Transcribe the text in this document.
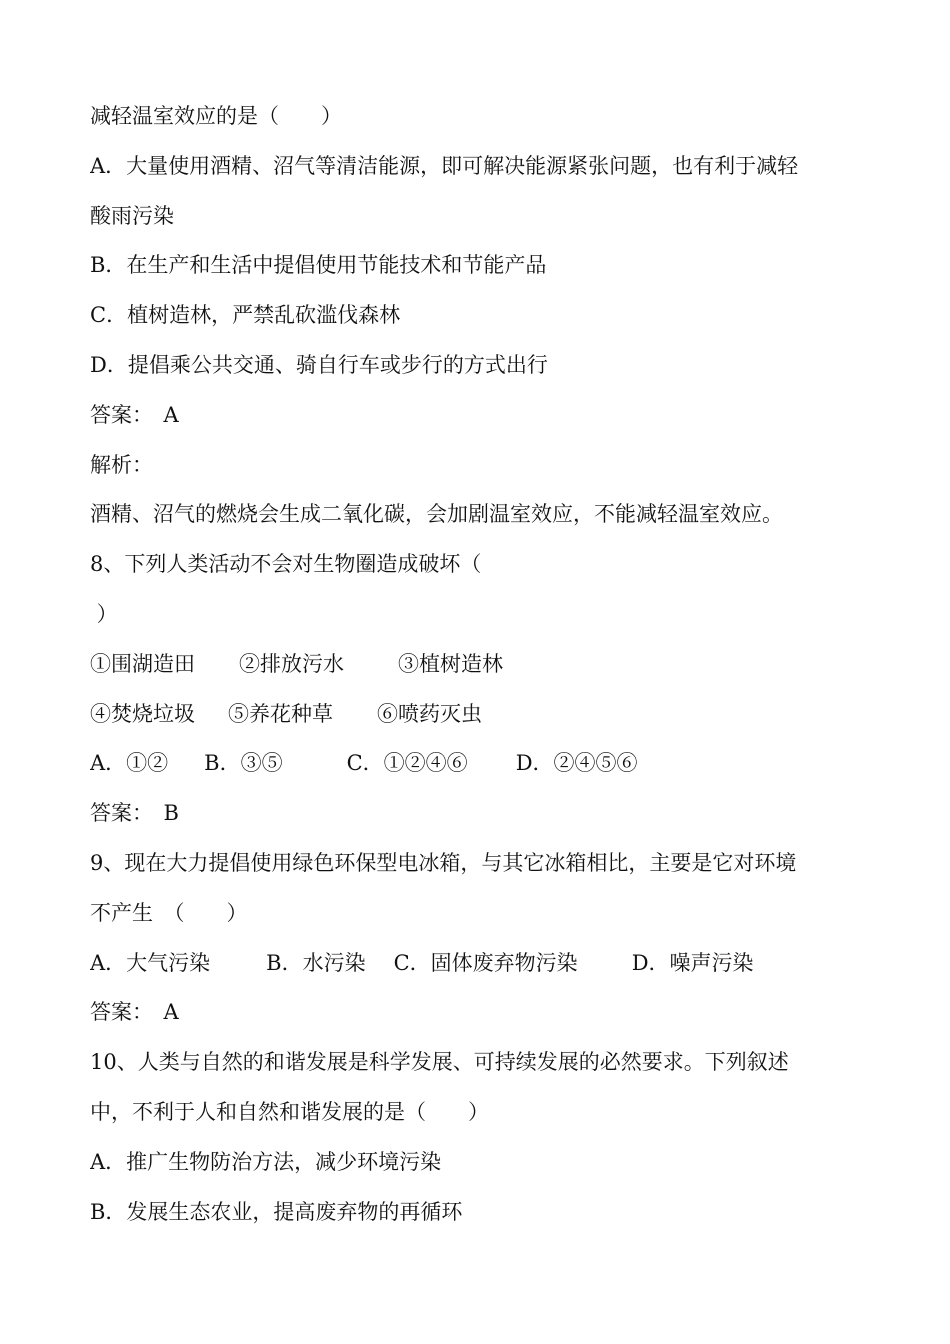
减轻温室效应的是（　　）
A．大量使用酒精、沼气等清洁能源，即可解决能源紧张问题，也有利于减轻
酸雨污染
B．在生产和生活中提倡使用节能技术和节能产品
C．植树造林，严禁乱砍滥伐森林
D．提倡乘公共交通、骑自行车或步行的方式出行
答案：　A
解析：
酒精、沼气的燃烧会生成二氧化碳，会加剧温室效应，不能减轻温室效应。
8、下列人类活动不会对生物圈造成破坏（
）
①围湖造田 ②排放污水	③植树造林
④焚烧垃圾 ⑤养花种草 ⑥喷药灭虫
A．①② B．③⑤	C．①②④⑥ D．②④⑤⑥
答案：　B
9、现在大力提倡使用绿色环保型电冰箱，与其它冰箱相比，主要是它对环境
不产生　（　　）
A．大气污染	B．水污染 C．固体废弃物污染	D．噪声污染
答案：　A
10、人类与自然的和谐发展是科学发展、可持续发展的必然要求。下列叙述
中，不利于人和自然和谐发展的是（　　）
A．推广生物防治方法，减少环境污染
B．发展生态农业，提高废弃物的再循环
